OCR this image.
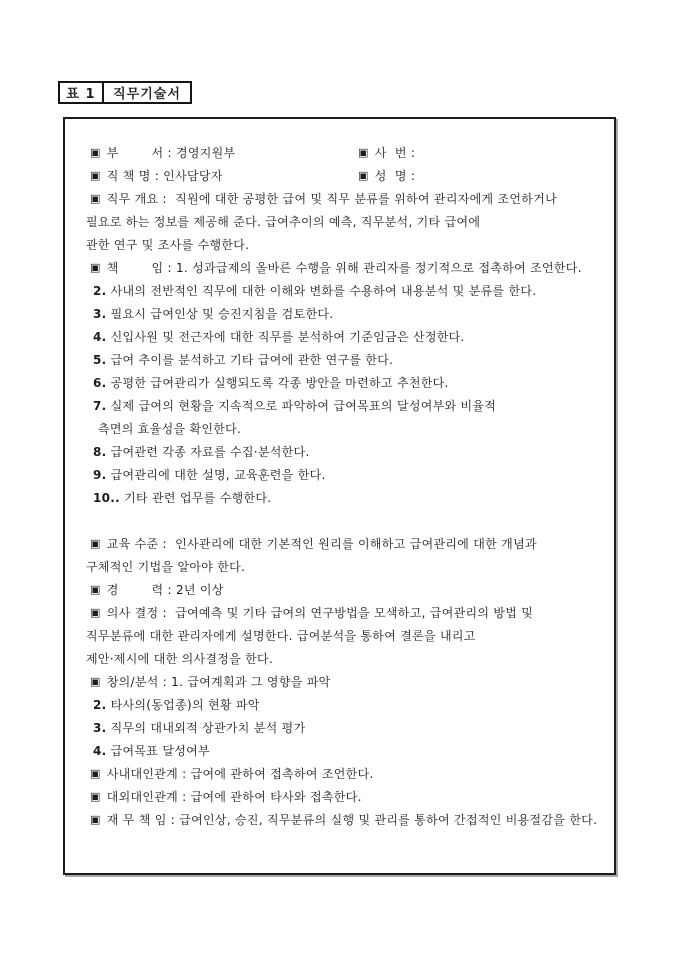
표 1	직무기술서
▣ 부        서 : 경영지원부	▣ 사  번 :
▣ 직 책 명 : 인사담당자	▣ 성  명 :
▣ 직무 개요 :  직원에 대한 공평한 급여 및 직무 분류를 위하여 관리자에게 조언하거나
필요로 하는 정보를 제공해 준다. 급여추이의 예측, 직무분석, 기타 급여에
관한 연구 및 조사를 수행한다.
▣ 책        임 : 1. 성과급제의 올바른 수행을 위해 관리자를 정기적으로 접촉하여 조언한다.
2. 사내의 전반적인 직무에 대한 이해와 변화를 수용하여 내용분석 및 분류를 한다.
3. 필요시 급여인상 및 승진지침을 검토한다.
4. 신입사원 및 전근자에 대한 직무를 분석하여 기준임금은 산정한다.
5. 급여 추이를 분석하고 기타 급여에 관한 연구를 한다.
6. 공평한 급여관리가 실행되도록 각종 방안을 마련하고 추천한다.
7. 실제 급여의 현황을 지속적으로 파악하여 급여목표의 달성여부와 비율적
측면의 효율성을 확인한다.
8. 급여관련 각종 자료를 수집·분석한다.
9. 급여관리에 대한 설명, 교육훈련을 한다.
10.. 기타 관련 업무를 수행한다.
▣ 교육 수준 :  인사관리에 대한 기본적인 원리를 이해하고 급여관리에 대한 개념과
구체적인 기법을 알아야 한다.
▣ 경        력 : 2년 이상
▣ 의사 결정 :  급여예측 및 기타 급여의 연구방법을 모색하고, 급여관리의 방법 및
직무분류에 대한 관리자에게 설명한다. 급여분석을 통하여 결론을 내리고
제안·제시에 대한 의사결정을 한다.
▣ 창의/분석 : 1. 급여계획과 그 영향을 파악
2. 타사의(동업종)의 현황 파악
3. 직무의 대내외적 상관가치 분석 평가
4. 급여목표 달성여부
▣ 사내대인관계 : 급여에 관하여 접촉하여 조언한다.
▣ 대외대인관계 : 급여에 관하여 타사와 접촉한다.
▣ 재 무 책 임 : 급여인상, 승진, 직무분류의 실행 및 관리를 통하여 간접적인 비용절감을 한다.
